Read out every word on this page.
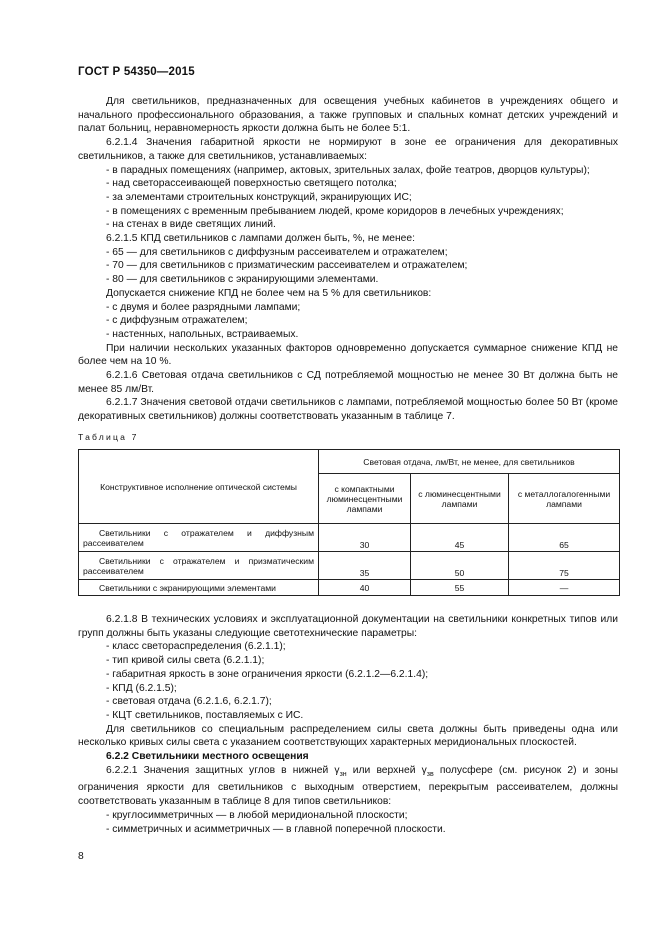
ГОСТ Р 54350—2015

Для светильников, предназначенных для освещения учебных кабинетов в учреждениях общего и начального профессионального образования, а также групповых и спальных комнат детских учреждений и палат больниц, неравномерность яркости должна быть не более 5:1.

6.2.1.4 Значения габаритной яркости не нормируют в зоне ее ограничения для декоративных светильников, а также для светильников, устанавливаемых:

- в парадных помещениях (например, актовых, зрительных залах, фойе театров, дворцов культуры);

- над светорассеивающей поверхностью светящего потолка;

- за элементами строительных конструкций, экранирующих ИС;

- в помещениях с временным пребыванием людей, кроме коридоров в лечебных учреждениях;

- на стенах в виде светящих линий.

6.2.1.5 КПД светильников с лампами должен быть, %, не менее:

- 65 — для светильников с диффузным рассеивателем и отражателем;

- 70 — для светильников с призматическим рассеивателем и отражателем;

- 80 — для светильников с экранирующими элементами.

Допускается снижение КПД не более чем на 5 % для светильников:

- с двумя и более разрядными лампами;

- с диффузным отражателем;

- настенных, напольных, встраиваемых.

При наличии нескольких указанных факторов одновременно допускается суммарное снижение КПД не более чем на 10 %.

6.2.1.6 Световая отдача светильников с СД потребляемой мощностью не менее 30 Вт должна быть не менее 85 лм/Вт.

6.2.1.7 Значения световой отдачи светильников с лампами, потребляемой мощностью более 50 Вт (кроме декоративных светильников) должны соответствовать указанным в таблице 7.

Таблица 7
Конструктивное исполнение оптической системы	Световая отдача, лм/Вт, не менее, для светильников		
	с компактными люминесцентными лампами	с люминесцентными лампами	с металлогалогенными лампами

Светильники с отражателем и диффузным рассеивателем	30	45	65

Светильники с отражателем и призматическим рассеивателем	35	50	75

Светильники с экранирующими элементами	40	55	—

6.2.1.8 В технических условиях и эксплуатационной документации на светильники конкретных типов или групп должны быть указаны следующие светотехнические параметры:

- класс светораспределения (6.2.1.1);

- тип кривой силы света (6.2.1.1);

- габаритная яркость в зоне ограничения яркости (6.2.1.2—6.2.1.4);

- КПД (6.2.1.5);

- световая отдача (6.2.1.6, 6.2.1.7);

- КЦТ светильников, поставляемых с ИС.

Для светильников со специальным распределением силы света должны быть приведены одна или несколько кривых силы света с указанием соответствующих характерных меридиональных плоскостей.

6.2.2 Светильники местного освещения

6.2.2.1 Значения защитных углов в нижней $\gamma_{зн}$ или верхней $\gamma_{зв}$ полусфере (см. рисунок 2) и зоны ограничения яркости для светильников с выходным отверстием, перекрытым рассеивателем, должны соответствовать указанным в таблице 8 для типов светильников:

- круглосимметричных — в любой меридиональной плоскости;

- симметричных и асимметричных — в главной поперечной плоскости.

8
